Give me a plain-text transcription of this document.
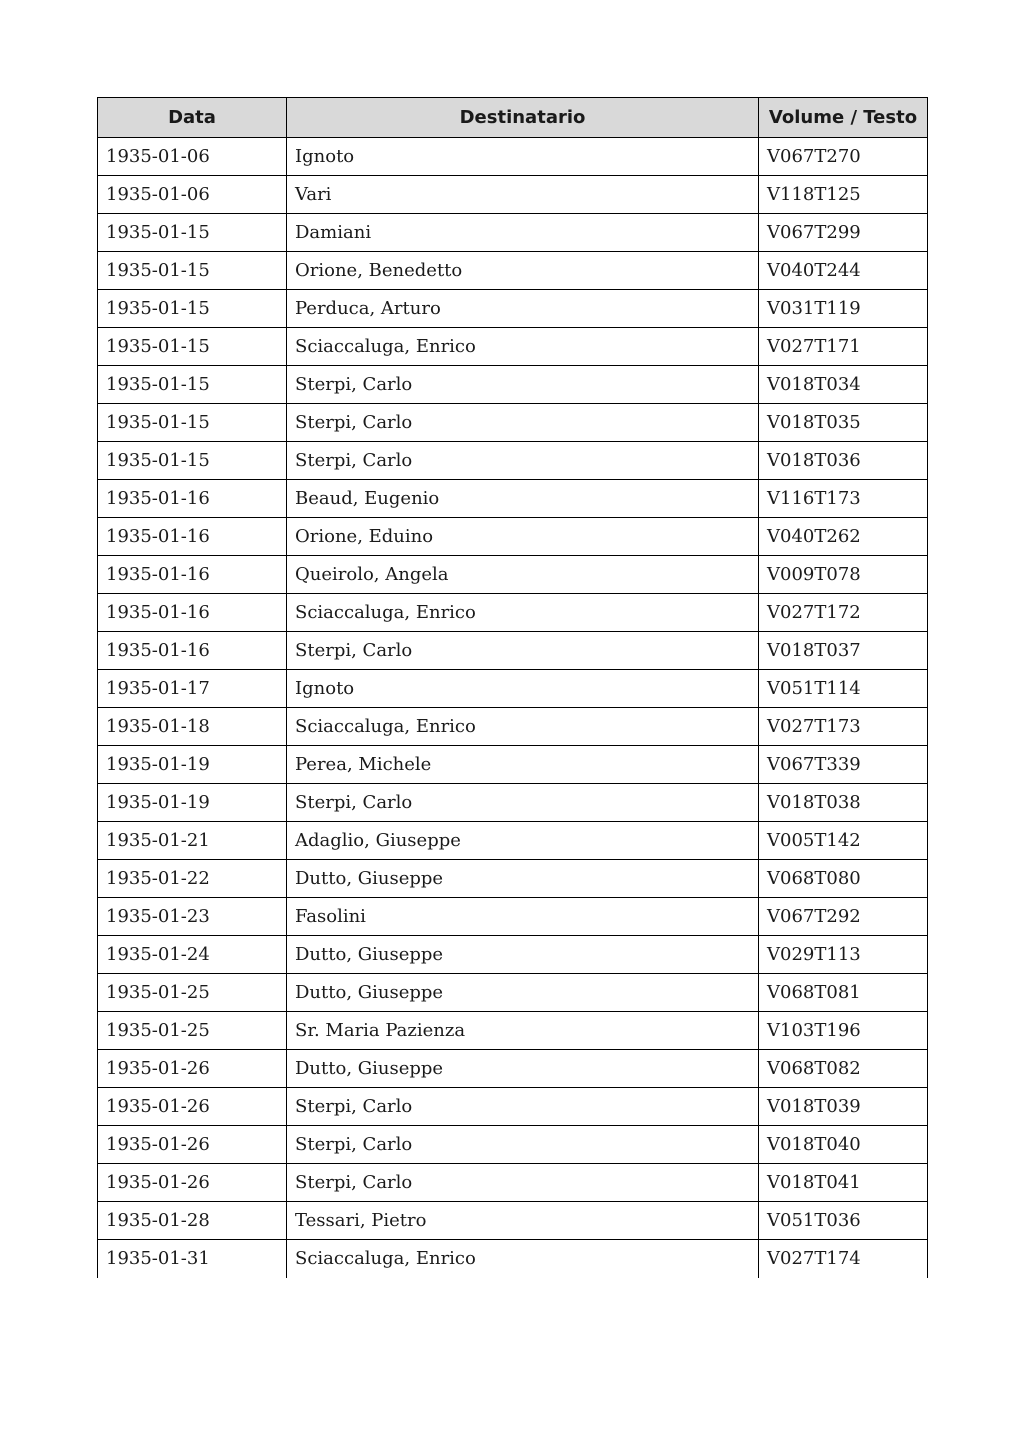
Data	Destinatario	Volume / Testo
1935-01-06	Ignoto	V067T270
1935-01-06	Vari	V118T125
1935-01-15	Damiani	V067T299
1935-01-15	Orione, Benedetto	V040T244
1935-01-15	Perduca, Arturo	V031T119
1935-01-15	Sciaccaluga, Enrico	V027T171
1935-01-15	Sterpi, Carlo	V018T034
1935-01-15	Sterpi, Carlo	V018T035
1935-01-15	Sterpi, Carlo	V018T036
1935-01-16	Beaud, Eugenio	V116T173
1935-01-16	Orione, Eduino	V040T262
1935-01-16	Queirolo, Angela	V009T078
1935-01-16	Sciaccaluga, Enrico	V027T172
1935-01-16	Sterpi, Carlo	V018T037
1935-01-17	Ignoto	V051T114
1935-01-18	Sciaccaluga, Enrico	V027T173
1935-01-19	Perea, Michele	V067T339
1935-01-19	Sterpi, Carlo	V018T038
1935-01-21	Adaglio, Giuseppe	V005T142
1935-01-22	Dutto, Giuseppe	V068T080
1935-01-23	Fasolini	V067T292
1935-01-24	Dutto, Giuseppe	V029T113
1935-01-25	Dutto, Giuseppe	V068T081
1935-01-25	Sr. Maria Pazienza	V103T196
1935-01-26	Dutto, Giuseppe	V068T082
1935-01-26	Sterpi, Carlo	V018T039
1935-01-26	Sterpi, Carlo	V018T040
1935-01-26	Sterpi, Carlo	V018T041
1935-01-28	Tessari, Pietro	V051T036
1935-01-31	Sciaccaluga, Enrico	V027T174
